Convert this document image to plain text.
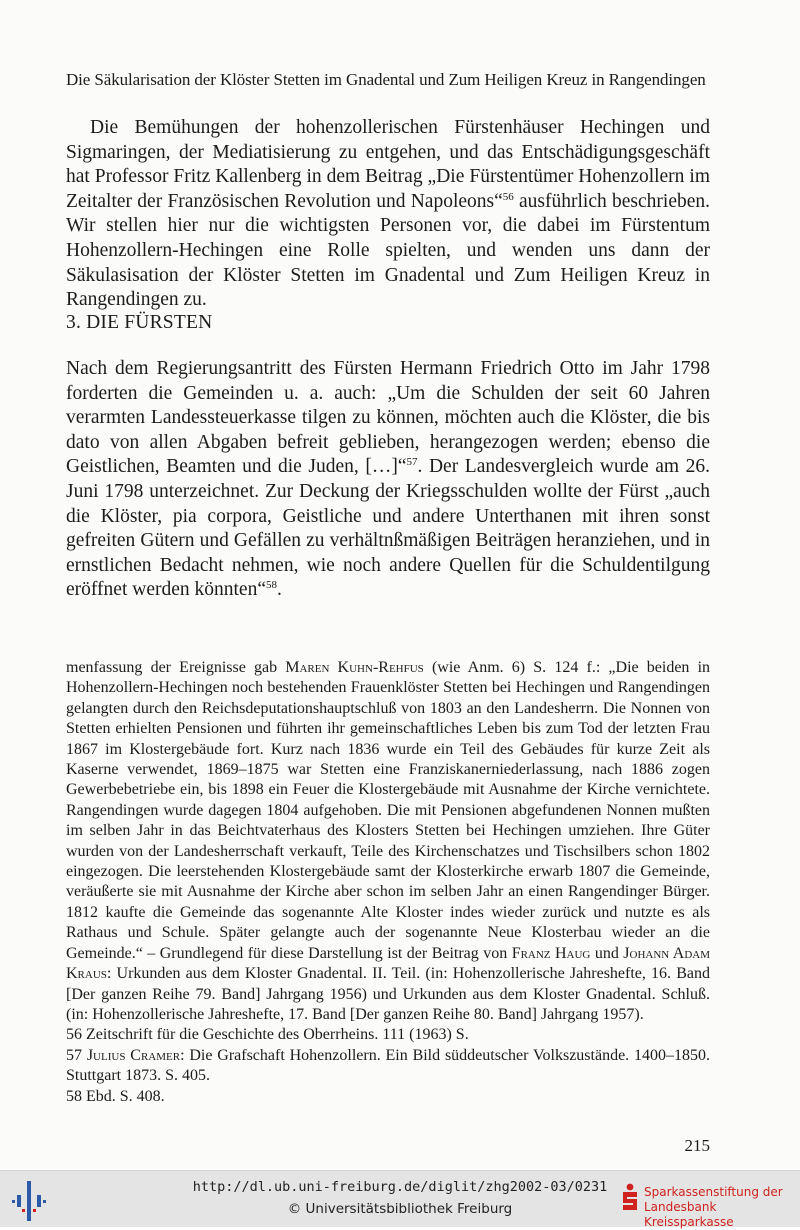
Die Säkularisation der Klöster Stetten im Gnadental und Zum Heiligen Kreuz in Rangendingen

Die Bemühungen der hohenzollerischen Fürstenhäuser Hechingen und Sigmaringen, der Mediatisierung zu entgehen, und das Entschädigungsgeschäft hat Professor Fritz Kallenberg in dem Beitrag „Die Fürstentümer Hohenzollern im Zeitalter der Französischen Revolution und Napoleons“$^{56}$ ausführlich beschrieben. Wir stellen hier nur die wichtigsten Personen vor, die dabei im Fürstentum Hohenzollern-Hechingen eine Rolle spielten, und wenden uns dann der Säkulasisation der Klöster Stetten im Gnadental und Zum Heiligen Kreuz in Rangendingen zu.

3. DIE FÜRSTEN

Nach dem Regierungsantritt des Fürsten Hermann Friedrich Otto im Jahr 1798 forderten die Gemeinden u. a. auch: „Um die Schulden der seit 60 Jahren verarmten Landessteuerkasse tilgen zu können, möchten auch die Klöster, die bis dato von allen Abgaben befreit geblieben, herangezogen werden; ebenso die Geistlichen, Beamten und die Juden, […]“$^{57}$. Der Landesvergleich wurde am 26. Juni 1798 unterzeichnet. Zur Deckung der Kriegsschulden wollte der Fürst „auch die Klöster, pia corpora, Geistliche und andere Unterthanen mit ihren sonst gefreiten Gütern und Gefällen zu verhältnßmäßigen Beiträgen heranziehen, und in ernstlichen Bedacht nehmen, wie noch andere Quellen für die Schuldentilgung eröffnet werden könnten“$^{58}$.

menfassung der Ereignisse gab Maren Kuhn-Rehfus (wie Anm. 6) S. 124 f.: „Die beiden in Hohenzollern-Hechingen noch bestehenden Frauenklöster Stetten bei Hechingen und Rangendingen gelangten durch den Reichsdeputationshauptschluß von 1803 an den Landesherrn. Die Nonnen von Stetten erhielten Pensionen und führten ihr gemeinschaftliches Leben bis zum Tod der letzten Frau 1867 im Klostergebäude fort. Kurz nach 1836 wurde ein Teil des Gebäudes für kurze Zeit als Kaserne verwendet, 1869–1875 war Stetten eine Franziskanerniederlassung, nach 1886 zogen Gewerbebetriebe ein, bis 1898 ein Feuer die Klostergebäude mit Ausnahme der Kirche vernichtete. Rangendingen wurde dagegen 1804 aufgehoben. Die mit Pensionen abgefundenen Nonnen mußten im selben Jahr in das Beichtvaterhaus des Klosters Stetten bei Hechingen umziehen. Ihre Güter wurden von der Landesherrschaft verkauft, Teile des Kirchenschatzes und Tischsilbers schon 1802 eingezogen. Die leerstehenden Klostergebäude samt der Klosterkirche erwarb 1807 die Gemeinde, veräußerte sie mit Ausnahme der Kirche aber schon im selben Jahr an einen Rangendinger Bürger. 1812 kaufte die Gemeinde das sogenannte Alte Kloster indes wieder zurück und nutzte es als Rathaus und Schule. Später gelangte auch der sogenannte Neue Klosterbau wieder an die Gemeinde.“ – Grundlegend für diese Darstellung ist der Beitrag von Franz Haug und Johann Adam Kraus: Urkunden aus dem Kloster Gnadental. II. Teil. (in: Hohenzollerische Jahreshefte, 16. Band [Der ganzen Reihe 79. Band] Jahrgang 1956) und Urkunden aus dem Kloster Gnadental. Schluß. (in: Hohenzollerische Jahreshefte, 17. Band [Der ganzen Reihe 80. Band] Jahrgang 1957).

56 Zeitschrift für die Geschichte des Oberrheins. 111 (1963) S.

57 Julius Cramer: Die Grafschaft Hohenzollern. Ein Bild süddeutscher Volkszustände. 1400–1850. Stuttgart 1873. S. 405.

58 Ebd. S. 408.

215
http://dl.ub.uni-freiburg.de/diglit/zhg2002-03/0231
© Universitätsbibliothek Freiburg
Sparkassenstiftung der
Landesbank Kreissparkasse
